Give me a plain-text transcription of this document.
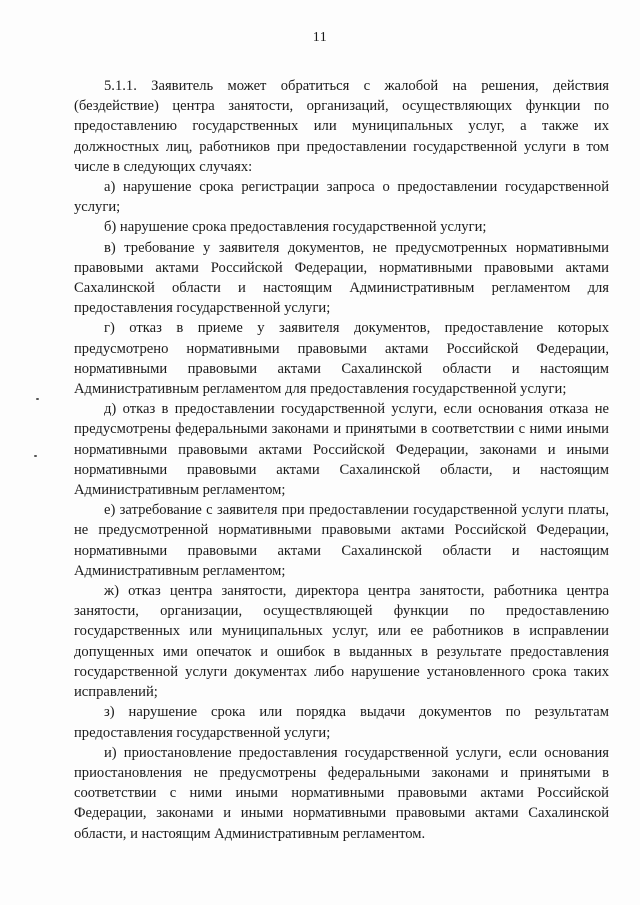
11

5.1.1. Заявитель может обратиться с жалобой на решения, действия (бездействие) центра занятости, организаций, осуществляющих функции по предоставлению государственных или муниципальных услуг, а также их должностных лиц, работников при предоставлении государственной услуги в том числе в следующих случаях:

а) нарушение срока регистрации запроса о предоставлении государственной услуги;

б) нарушение срока предоставления государственной услуги;

в) требование у заявителя документов, не предусмотренных нормативными правовыми актами Российской Федерации, нормативными правовыми актами Сахалинской области и настоящим Административным регламентом для предоставления государственной услуги;

г) отказ в приеме у заявителя документов, предоставление которых предусмотрено нормативными правовыми актами Российской Федерации, нормативными правовыми актами Сахалинской области и настоящим Административным регламентом для предоставления государственной услуги;

д) отказ в предоставлении государственной услуги, если основания отказа не предусмотрены федеральными законами и принятыми в соответствии с ними иными нормативными правовыми актами Российской Федерации, законами и иными нормативными правовыми актами Сахалинской области, и настоящим Административным регламентом;

е) затребование с заявителя при предоставлении государственной услуги платы, не предусмотренной нормативными правовыми актами Российской Федерации, нормативными правовыми актами Сахалинской области и настоящим Административным регламентом;

ж) отказ центра занятости, директора центра занятости, работника центра занятости, организации, осуществляющей функции по предоставлению государственных или муниципальных услуг, или ее работников в исправлении допущенных ими опечаток и ошибок в выданных в результате предоставления государственной услуги документах либо нарушение установленного срока таких исправлений;

з) нарушение срока или порядка выдачи документов по результатам предоставления государственной услуги;

и) приостановление предоставления государственной услуги, если основания приостановления не предусмотрены федеральными законами и принятыми в соответствии с ними иными нормативными правовыми актами Российской Федерации, законами и иными нормативными правовыми актами Сахалинской области, и настоящим Административным регламентом.
